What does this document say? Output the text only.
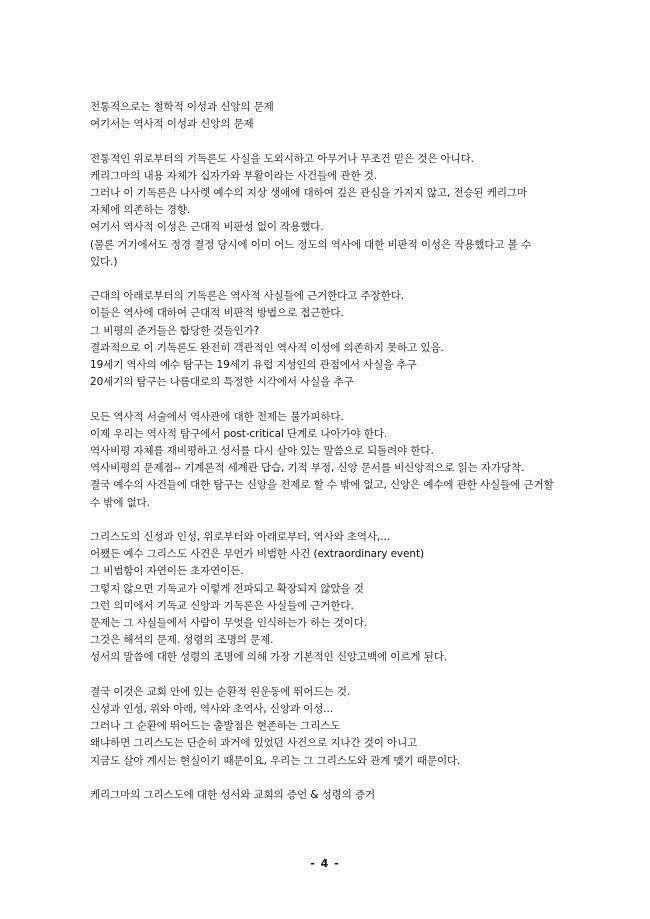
전통적으로는 철학적 이성과 신앙의 문제
여기서는 역사적 이성과 신앙의 문제
전통적인 위로부터의 기독론도 사실을 도외시하고 아무거나 무조건 믿은 것은 아니다.
케리그마의 내용 자체가 십자가와 부활이라는 사건들에 관한 것.
그러나 이 기독론은 나사렛 예수의 지상 생애에 대하여 깊은 관심을 가지지 않고, 전승된 케리그마 자체에 의존하는 경향.
여기서 역사적 이성은 근대적 비판성 없이 작용했다.
(물론 거기에서도 정경 결정 당시에 이미 어느 정도의 역사에 대한 비판적 이성은 작용했다고 볼 수 있다.)
근대의 아래로부터의 기독론은 역사적 사실들에 근거한다고 주장한다.
이들은 역사에 대하여 근대적 비판적 방법으로 접근한다.
그 비평의 준거들은 합당한 것들인가?
결과적으로 이 기독론도 완전히 객관적인 역사적 이성에 의존하지 못하고 있음.
19세기 역사의 예수 탐구는 19세기 유럽 지성인의 관점에서 사실을 추구
20세기의 탐구는 나름대로의 특정한 시각에서 사실을 추구
모든 역사적 서술에서 역사관에 대한 전제는 불가피하다.
이제 우리는 역사적 탐구에서 post-critical 단계로 나아가야 한다.
역사비평 자체를 재비평하고 성서를 다시 살아 있는 말씀으로 되돌려야 한다.
역사비평의 문제점-- 기계론적 세계관 답습, 기적 부정, 신앙 문서를 비신앙적으로 읽는 자가당착.
결국 예수의 사건들에 대한 탐구는 신앙을 전제로 할 수 밖에 없고, 신앙은 예수에 관한 사실들에 근거할 수 밖에 없다.
그리스도의 신성과 인성, 위로부터와 아래로부터, 역사와 초역사,...
어쨌든 예수 그리스도 사건은 무언가 비범한 사건 (extraordinary event)
그 비범함이 자연이든 초자연이든.
그렇지 않으면 기독교가 이렇게 전파되고 확장되지 않았을 것
그런 의미에서 기독교 신앙과 기독론은 사실들에 근거한다.
문제는 그 사실들에서 사람이 무엇을 인식하는가 하는 것이다.
그것은 해석의 문제. 성령의 조명의 문제.
성서의 말씀에 대한 성령의 조명에 의해 가장 기본적인 신앙고백에 이르게 된다.
결국 이것은 교회 안에 있는 순환적 원운동에 뛰어드는 것.
신성과 인성, 위와 아래, 역사와 초역사, 신앙과 이성...
그러나 그 순환에 뛰어드는 출발점은 현존하는 그리스도
왜냐하면 그리스도는 단순히 과거에 있었던 사건으로 지나간 것이 아니고
지금도 살아 계시는 현실이기 때문이요, 우리는 그 그리스도와 관계 맺기 때문이다.
케리그마의 그리스도에 대한 성서와 교회의 증언 & 성령의 증거
- 4 -
